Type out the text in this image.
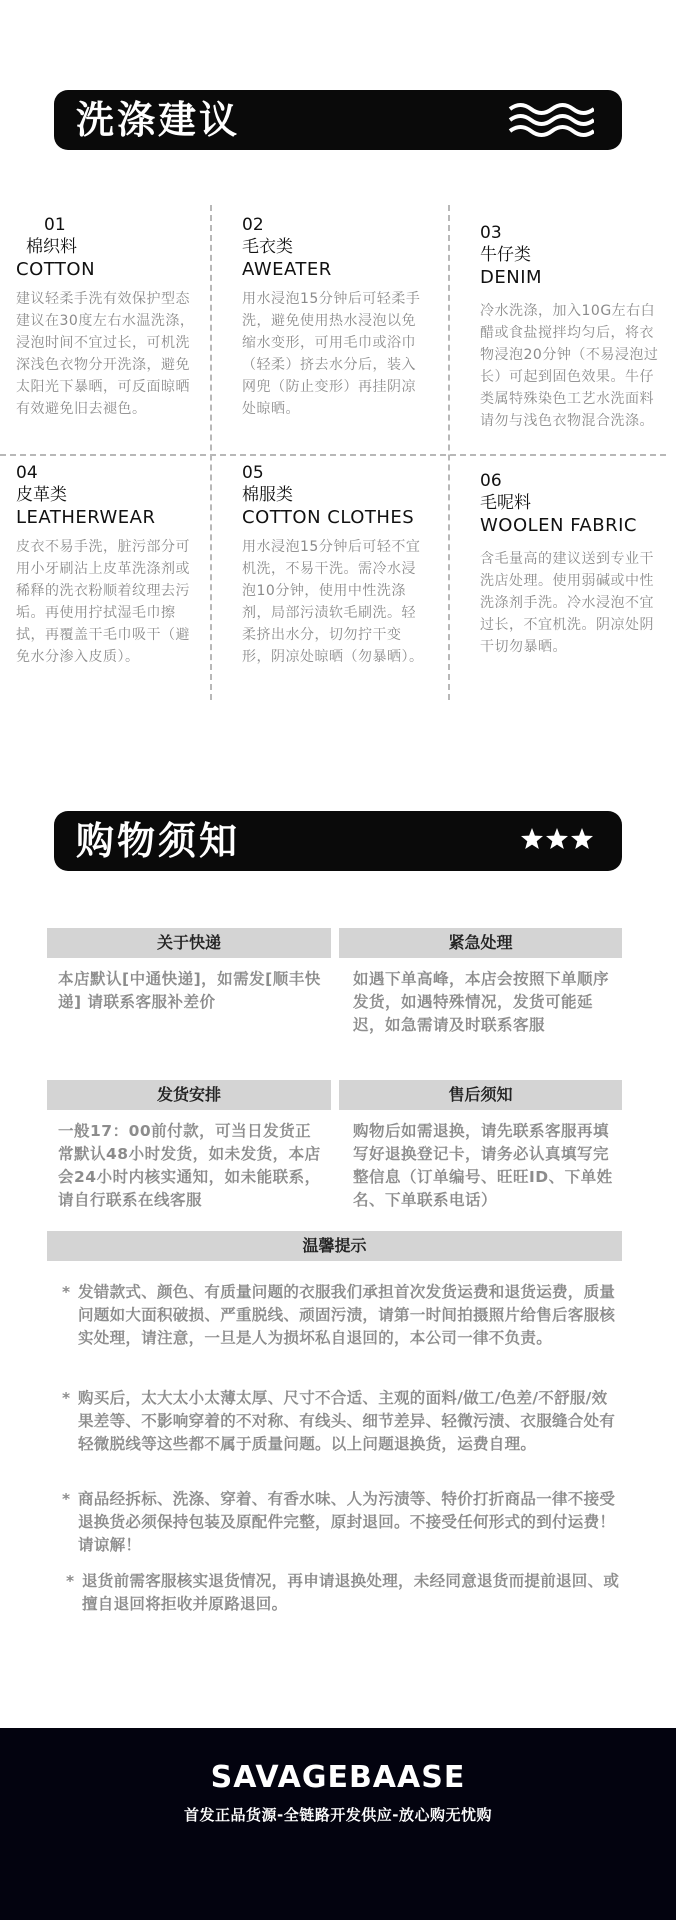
洗涤建议
01
棉织料
COTTON
建议轻柔手洗有效保护型态建议在30度左右水温洗涤，浸泡时间不宜过长，可机洗深浅色衣物分开洗涤，避免太阳光下暴晒，可反面晾晒有效避免旧去褪色。
02
毛衣类
AWEATER
用水浸泡15分钟后可轻柔手洗，避免使用热水浸泡以免缩水变形，可用毛巾或浴巾（轻柔）挤去水分后，装入网兜（防止变形）再挂阴凉处晾晒。
03
牛仔类
DENIM
冷水洗涤，加入10G左右白醋或食盐搅拌均匀后，将衣物浸泡20分钟（不易浸泡过长）可起到固色效果。牛仔类属特殊染色工艺水洗面料请勿与浅色衣物混合洗涤。
04
皮革类
LEATHERWEAR
皮衣不易手洗，脏污部分可用小牙刷沾上皮革洗涤剂或稀释的洗衣粉顺着纹理去污垢。再使用拧拭湿毛巾擦拭，再覆盖干毛巾吸干（避免水分渗入皮质）。
05
棉服类
COTTON CLOTHES
用水浸泡15分钟后可轻不宜机洗，不易干洗。需冷水浸泡10分钟，使用中性洗涤剂，局部污渍软毛刷洗。轻柔挤出水分，切勿拧干变形，阴凉处晾晒（勿暴晒）。
06
毛呢料
WOOLEN FABRIC
含毛量高的建议送到专业干洗店处理。使用弱碱或中性洗涤剂手洗。冷水浸泡不宜过长，不宜机洗。阴凉处阴干切勿暴晒。
购物须知
关于快递	紧急处理
本店默认[中通快递]，如需发[顺丰快递] 请联系客服补差价
如遇下单高峰，本店会按照下单顺序发货，如遇特殊情况，发货可能延迟，如急需请及时联系客服
发货安排	售后须知
一般17：00前付款，可当日发货正常默认48小时发货，如未发货，本店会24小时内核实通知，如未能联系，请自行联系在线客服
购物后如需退换，请先联系客服再填写好退换登记卡，请务必认真填写完整信息（订单编号、旺旺ID、下单姓名、下单联系电话）
温馨提示
* 发错款式、颜色、有质量问题的衣服我们承担首次发货运费和退货运费，质量问题如大面积破损、严重脱线、顽固污渍，请第一时间拍摄照片给售后客服核实处理，请注意，一旦是人为损坏私自退回的，本公司一律不负责。
* 购买后，太大太小太薄太厚、尺寸不合适、主观的面料/做工/色差/不舒服/效果差等、不影响穿着的不对称、有线头、细节差异、轻微污渍、衣服缝合处有轻微脱线等这些都不属于质量问题。以上问题退换货，运费自理。
* 商品经拆标、洗涤、穿着、有香水味、人为污渍等、特价打折商品一律不接受退换货必须保持包装及原配件完整，原封退回。不接受任何形式的到付运费！请谅解！
* 退货前需客服核实退货情况，再申请退换处理，未经同意退货而提前退回、或擅自退回将拒收并原路退回。
SAVAGEBAASE
首发正品货源-全链路开发供应-放心购无忧购
